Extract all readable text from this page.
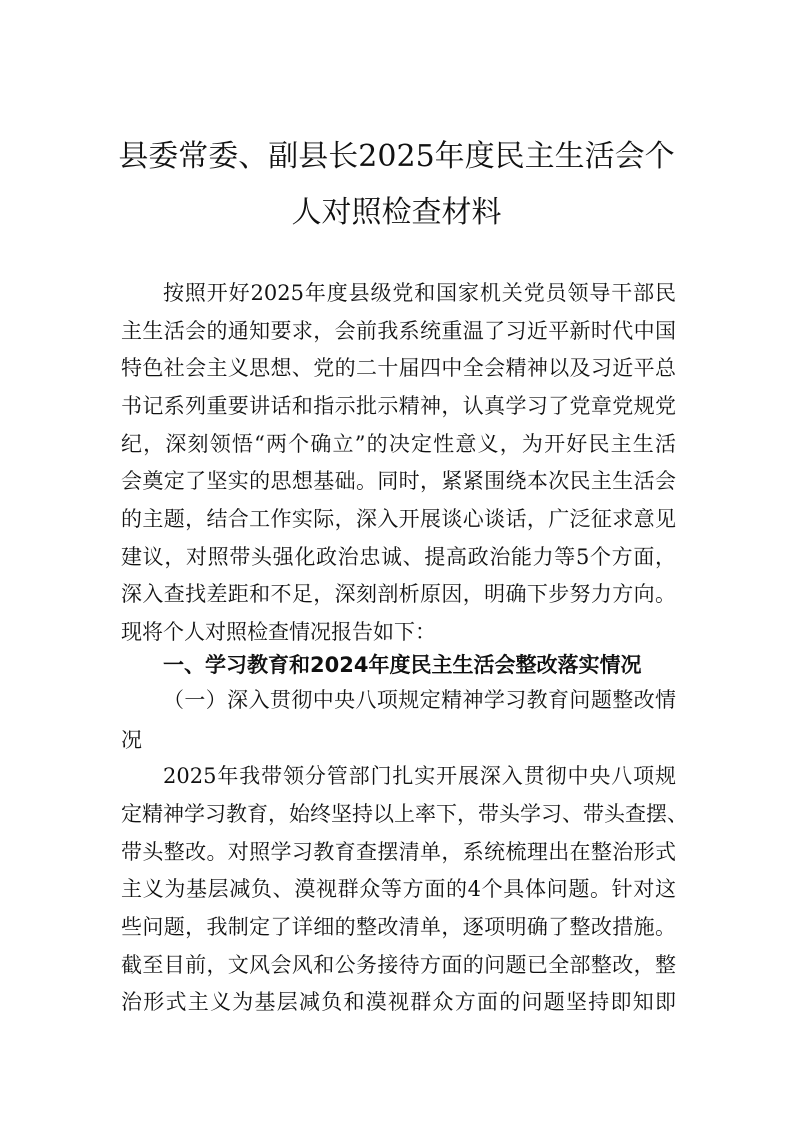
县委常委、副县长2025年度民主生活会个
人对照检查材料
按照开好2025年度县级党和国家机关党员领导干部民
主生活会的通知要求，会前我系统重温了习近平新时代中国
特色社会主义思想、党的二十届四中全会精神以及习近平总
书记系列重要讲话和指示批示精神，认真学习了党章党规党
纪，深刻领悟“两个确立”的决定性意义，为开好民主生活
会奠定了坚实的思想基础。同时，紧紧围绕本次民主生活会
的主题，结合工作实际，深入开展谈心谈话，广泛征求意见
建议，对照带头强化政治忠诚、提高政治能力等5个方面，
深入查找差距和不足，深刻剖析原因，明确下步努力方向。
现将个人对照检查情况报告如下：
一、学习教育和2024年度民主生活会整改落实情况
（一）深入贯彻中央八项规定精神学习教育问题整改情
况
2025年我带领分管部门扎实开展深入贯彻中央八项规
定精神学习教育，始终坚持以上率下，带头学习、带头查摆、
带头整改。对照学习教育查摆清单，系统梳理出在整治形式
主义为基层减负、漠视群众等方面的4个具体问题。针对这
些问题，我制定了详细的整改清单，逐项明确了整改措施。
截至目前，文风会风和公务接待方面的问题已全部整改，整
治形式主义为基层减负和漠视群众方面的问题坚持即知即
